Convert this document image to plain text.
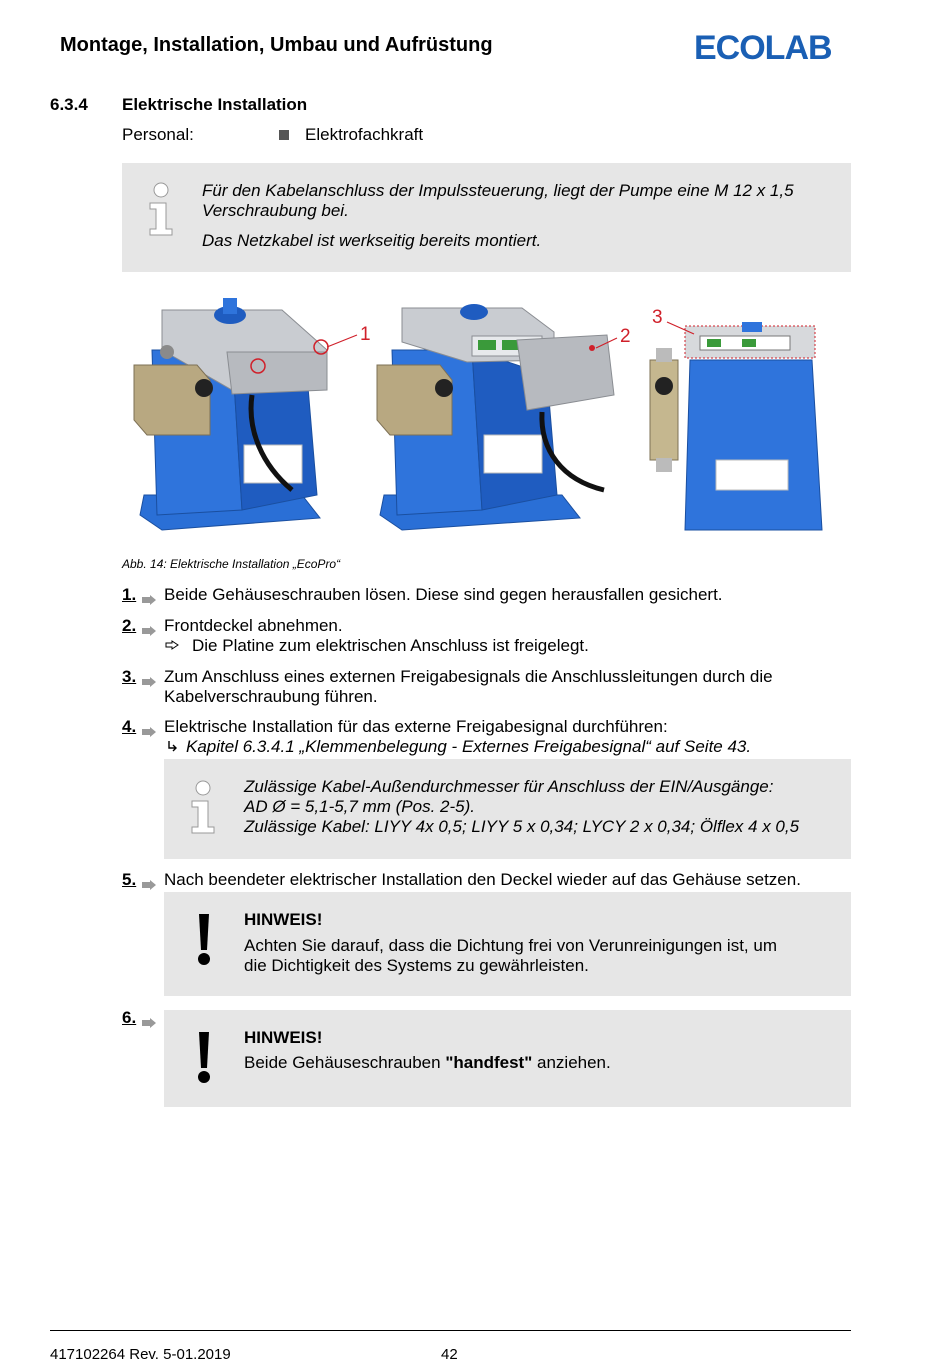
Montage, Installation, Umbau und Aufrüstung	ECOLAB
6.3.4 Elektrische Installation
Personal:	Elektrofachkraft
Für den Kabelanschluss der Impulssteuerung, liegt der Pumpe eine M 12 x 1,5
Verschraubung bei.
Das Netzkabel ist werkseitig bereits montiert.
1	2
3
Abb. 14: Elektrische Installation „EcoPro“
1. Beide Gehäuseschrauben lösen. Diese sind gegen herausfallen gesichert.
2. Frontdeckel abnehmen.
Die Platine zum elektrischen Anschluss ist freigelegt.
3. Zum Anschluss eines externen Freigabesignals die Anschlussleitungen durch die
Kabelverschraubung führen.
4. Elektrische Installation für das externe Freigabesignal durchführen:
Kapitel 6.3.4.1 „Klemmenbelegung - Externes Freigabesignal“ auf Seite 43.
Zulässige Kabel-Außendurchmesser für Anschluss der EIN/Ausgänge:
AD Ø = 5,1-5,7 mm (Pos. 2-5).
Zulässige Kabel: LIYY 4x 0,5; LIYY 5 x 0,34; LYCY 2 x 0,34; Ölflex 4 x 0,5
5. Nach beendeter elektrischer Installation den Deckel wieder auf das Gehäuse setzen.
HINWEIS!
Achten Sie darauf, dass die Dichtung frei von Verunreinigungen ist, um
die Dichtigkeit des Systems zu gewährleisten.
6.
HINWEIS!
Beide Gehäuseschrauben "handfest" anziehen.
417102264 Rev. 5-01.2019	42
